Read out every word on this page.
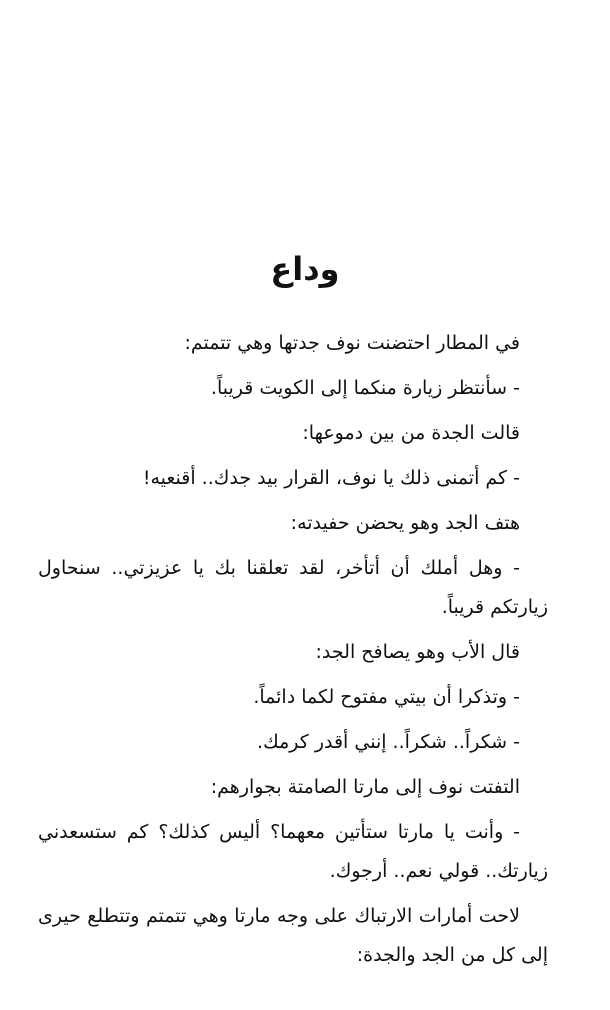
وداع

في المطار احتضنت نوف جدتها وهي تتمتم:

- سأنتظر زيارة منكما إلى الكويت قريباً.

قالت الجدة من بين دموعها:

- كم أتمنى ذلك يا نوف، القرار بيد جدك.. أقنعيه!

هتف الجد وهو يحضن حفيدته:

- وهل أملك أن أتأخر، لقد تعلقنا بك يا عزيزتي.. سنحاول زيارتكم قريباً.

قال الأب وهو يصافح الجد:

- وتذكرا أن بيتي مفتوح لكما دائماً.

- شكراً.. شكراً.. إنني أقدر كرمك.

التفتت نوف إلى مارتا الصامتة بجوارهم:

- وأنت يا مارتا ستأتين معهما؟ أليس كذلك؟ كم ستسعدني زيارتك.. قولي نعم.. أرجوك.

لاحت أمارات الارتباك على وجه مارتا وهي تتمتم وتتطلع حيرى إلى كل من الجد والجدة:
